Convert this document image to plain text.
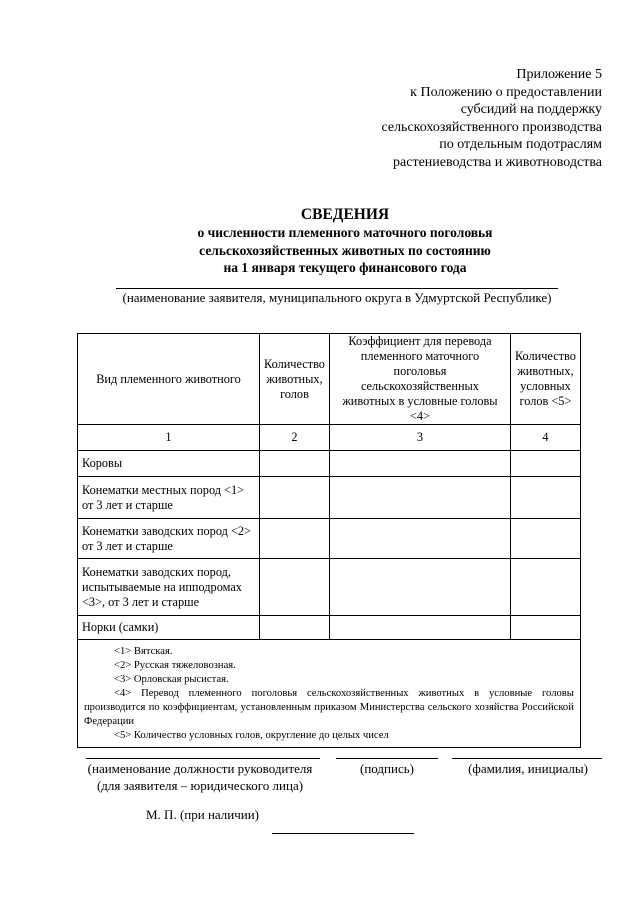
Приложение 5
к Положению о предоставлении
субсидий на поддержку
сельскохозяйственного производства
по отдельным подотраслям
растениеводства и животноводства
СВЕДЕНИЯ
о численности племенного маточного поголовья
сельскохозяйственных животных по состоянию
на 1 января текущего финансового года
(наименование заявителя, муниципального округа в Удмуртской Республике)
Вид племенного животного	Количество животных, голов	Коэффициент для перевода племенного маточного поголовья сельскохозяйственных животных в условные головы <4>	Количество животных, условных голов <5>
1	2	3	4
Коровы			
Конематки местных пород <1> от 3 лет и старше			
Конематки заводских пород <2> от 3 лет и старше			
Конематки заводских пород, испытываемые на ипподромах <3>, от 3 лет и старше			
Норки (самки)			

<1> Вятская.
<2> Русская тяжеловозная.
<3> Орловская рысистая.
<4> Перевод племенного поголовья сельскохозяйственных животных в условные головы производится по коэффициентам, установленным приказом Министерства сельского хозяйства Российской Федерации
<5> Количество условных голов, округление до целых чисел			
(наименование должности руководителя
(для заявителя – юридического лица)
(подпись)	(фамилия, инициалы)
М. П. (при наличии)
